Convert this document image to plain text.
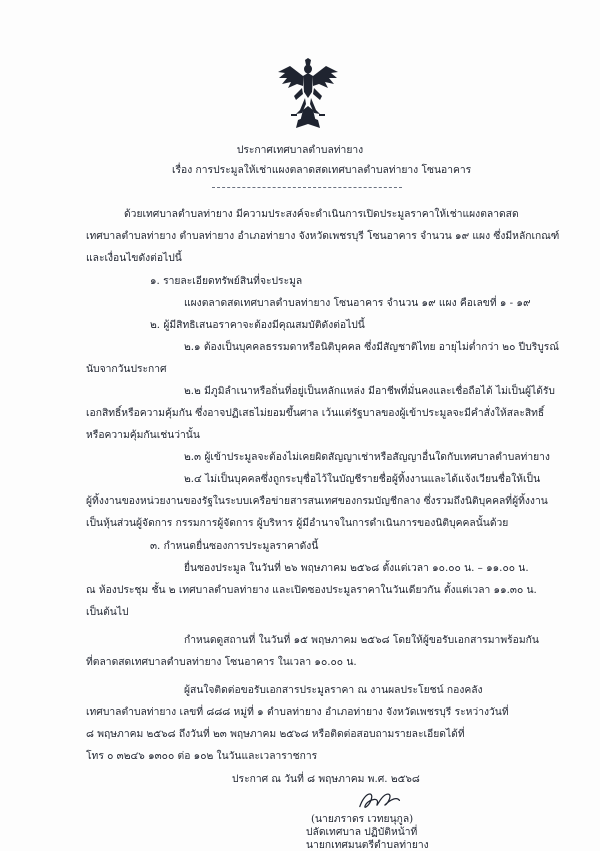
ประกาศเทศบาลตำบลท่ายาง
เรื่อง การประมูลให้เช่าแผงตลาดสดเทศบาลตำบลท่ายาง โซนอาคาร
ด้วยเทศบาลตำบลท่ายาง มีความประสงค์จะดำเนินการเปิดประมูลราคาให้เช่าแผงตลาดสด
เทศบาลตำบลท่ายาง ตำบลท่ายาง อำเภอท่ายาง จังหวัดเพชรบุรี โซนอาคาร จำนวน ๑๙ แผง ซึ่งมีหลักเกณฑ์
และเงื่อนไขดังต่อไปนี้
๑. รายละเอียดทรัพย์สินที่จะประมูล
แผงตลาดสดเทศบาลตำบลท่ายาง โซนอาคาร จำนวน ๑๙ แผง คือเลขที่ ๑ - ๑๙
๒. ผู้มีสิทธิเสนอราคาจะต้องมีคุณสมบัติดังต่อไปนี้
๒.๑ ต้องเป็นบุคคลธรรมดาหรือนิติบุคคล ซึ่งมีสัญชาติไทย อายุไม่ต่ำกว่า ๒๐ ปีบริบูรณ์
นับจากวันประกาศ
๒.๒ มีภูมิลำเนาหรือถิ่นที่อยู่เป็นหลักแหล่ง มีอาชีพที่มั่นคงและเชื่อถือได้ ไม่เป็นผู้ได้รับ
เอกสิทธิ์หรือความคุ้มกัน ซึ่งอาจปฏิเสธไม่ยอมขึ้นศาล เว้นแต่รัฐบาลของผู้เข้าประมูลจะมีคำสั่งให้สละสิทธิ์
หรือความคุ้มกันเช่นว่านั้น
๒.๓ ผู้เข้าประมูลจะต้องไม่เคยผิดสัญญาเช่าหรือสัญญาอื่นใดกับเทศบาลตำบลท่ายาง
๒.๔ ไม่เป็นบุคคลซึ่งถูกระบุชื่อไว้ในบัญชีรายชื่อผู้ทิ้งงานและได้แจ้งเวียนชื่อให้เป็น
ผู้ทิ้งงานของหน่วยงานของรัฐในระบบเครือข่ายสารสนเทศของกรมบัญชีกลาง ซึ่งรวมถึงนิติบุคคลที่ผู้ทิ้งงาน
เป็นหุ้นส่วนผู้จัดการ กรรมการผู้จัดการ ผู้บริหาร ผู้มีอำนาจในการดำเนินการของนิติบุคคลนั้นด้วย
๓. กำหนดยื่นซองการประมูลราคาดังนี้
ยื่นซองประมูล ในวันที่ ๒๖ พฤษภาคม ๒๕๖๘ ตั้งแต่เวลา ๑๐.๐๐ น. – ๑๑.๐๐ น.
ณ ห้องประชุม ชั้น ๒ เทศบาลตำบลท่ายาง และเปิดซองประมูลราคาในวันเดียวกัน ตั้งแต่เวลา ๑๑.๓๐ น.
เป็นต้นไป
กำหนดดูสถานที่ ในวันที่ ๑๕ พฤษภาคม ๒๕๖๘ โดยให้ผู้ขอรับเอกสารมาพร้อมกัน
ที่ตลาดสดเทศบาลตำบลท่ายาง โซนอาคาร ในเวลา ๑๐.๐๐ น.
ผู้สนใจติดต่อขอรับเอกสารประมูลราคา ณ งานผลประโยชน์ กองคลัง
เทศบาลตำบลท่ายาง เลขที่ ๘๘๘ หมู่ที่ ๑ ตำบลท่ายาง อำเภอท่ายาง จังหวัดเพชรบุรี ระหว่างวันที่
๘ พฤษภาคม ๒๕๖๘ ถึงวันที่ ๒๓ พฤษภาคม ๒๕๖๘ หรือติดต่อสอบถามรายละเอียดได้ที่
โทร ๐ ๓๒๔๖ ๑๓๐๐ ต่อ ๑๐๒ ในวันและเวลาราชการ
ประกาศ ณ วันที่ ๘ พฤษภาคม พ.ศ. ๒๕๖๘
(นายภราดร เวทยนุกูล)
ปลัดเทศบาล ปฏิบัติหน้าที่
นายกเทศมนตรีตำบลท่ายาง
